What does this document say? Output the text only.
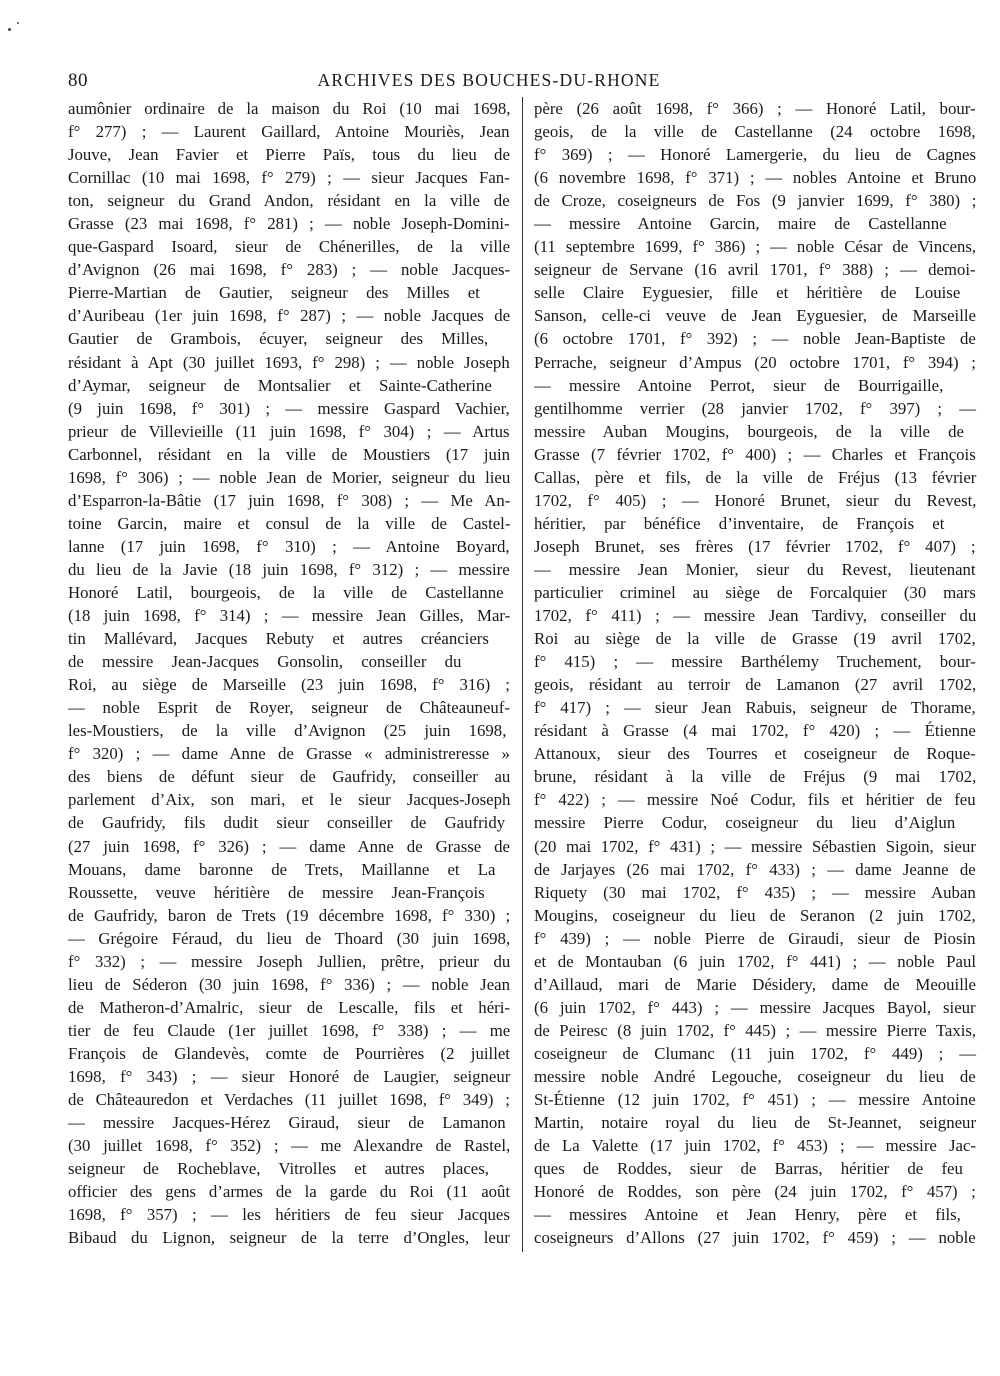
80	ARCHIVES DES BOUCHES-DU-RHONE
aumônier ordinaire de la maison du Roi (10 mai 1698,
f° 277) ; — Laurent Gaillard, Antoine Mouriès, Jean
Jouve, Jean Favier et Pierre Païs, tous du lieu de
Cornillac (10 mai 1698, f° 279) ; — sieur Jacques Fan-
ton, seigneur du Grand Andon, résidant en la ville de
Grasse (23 mai 1698, f° 281) ; — noble Joseph-Domini-
que-Gaspard Isoard, sieur de Chénerilles, de la ville
d’Avignon (26 mai 1698, f° 283) ; — noble Jacques-
Pierre-Martian de Gautier, seigneur des Milles et
d’Auribeau (1er juin 1698, f° 287) ; — noble Jacques de
Gautier de Grambois, écuyer, seigneur des Milles,
résidant à Apt (30 juillet 1693, f° 298) ; — noble Joseph
d’Aymar, seigneur de Montsalier et Sainte-Catherine
(9 juin 1698, f° 301) ; — messire Gaspard Vachier,
prieur de Villevieille (11 juin 1698, f° 304) ; — Artus
Carbonnel, résidant en la ville de Moustiers (17 juin
1698, f° 306) ; — noble Jean de Morier, seigneur du lieu
d’Esparron-la-Bâtie (17 juin 1698, f° 308) ; — Me An-
toine Garcin, maire et consul de la ville de Castel-
lanne (17 juin 1698, f° 310) ; — Antoine Boyard,
du lieu de la Javie (18 juin 1698, f° 312) ; — messire
Honoré Latil, bourgeois, de la ville de Castellanne
(18 juin 1698, f° 314) ; — messire Jean Gilles, Mar-
tin Mallévard, Jacques Rebuty et autres créanciers
de messire Jean-Jacques Gonsolin, conseiller du
Roi, au siège de Marseille (23 juin 1698, f° 316) ;
— noble Esprit de Royer, seigneur de Châteauneuf-
les-Moustiers, de la ville d’Avignon (25 juin 1698,
f° 320) ; — dame Anne de Grasse « administreresse »
des biens de défunt sieur de Gaufridy, conseiller au
parlement d’Aix, son mari, et le sieur Jacques-Joseph
de Gaufridy, fils dudit sieur conseiller de Gaufridy
(27 juin 1698, f° 326) ; — dame Anne de Grasse de
Mouans, dame baronne de Trets, Maillanne et La
Roussette, veuve héritière de messire Jean-François
de Gaufridy, baron de Trets (19 décembre 1698, f° 330) ;
— Grégoire Féraud, du lieu de Thoard (30 juin 1698,
f° 332) ; — messire Joseph Jullien, prêtre, prieur du
lieu de Séderon (30 juin 1698, f° 336) ; — noble Jean
de Matheron-d’Amalric, sieur de Lescalle, fils et héri-
tier de feu Claude (1er juillet 1698, f° 338) ; — me
François de Glandevès, comte de Pourrières (2 juillet
1698, f° 343) ; — sieur Honoré de Laugier, seigneur
de Châteauredon et Verdaches (11 juillet 1698, f° 349) ;
— messire Jacques-Hérez Giraud, sieur de Lamanon
(30 juillet 1698, f° 352) ; — me Alexandre de Rastel,
seigneur de Rocheblave, Vitrolles et autres places,
officier des gens d’armes de la garde du Roi (11 août
1698, f° 357) ; — les héritiers de feu sieur Jacques
Bibaud du Lignon, seigneur de la terre d’Ongles, leur
père (26 août 1698, f° 366) ; — Honoré Latil, bour-
geois, de la ville de Castellanne (24 octobre 1698,
f° 369) ; — Honoré Lamergerie, du lieu de Cagnes
(6 novembre 1698, f° 371) ; — nobles Antoine et Bruno
de Croze, coseigneurs de Fos (9 janvier 1699, f° 380) ;
— messire Antoine Garcin, maire de Castellanne
(11 septembre 1699, f° 386) ; — noble César de Vincens,
seigneur de Servane (16 avril 1701, f° 388) ; — demoi-
selle Claire Eyguesier, fille et héritière de Louise
Sanson, celle-ci veuve de Jean Eyguesier, de Marseille
(6 octobre 1701, f° 392) ; — noble Jean-Baptiste de
Perrache, seigneur d’Ampus (20 octobre 1701, f° 394) ;
— messire Antoine Perrot, sieur de Bourrigaille,
gentilhomme verrier (28 janvier 1702, f° 397) ; —
messire Auban Mougins, bourgeois, de la ville de
Grasse (7 février 1702, f° 400) ; — Charles et François
Callas, père et fils, de la ville de Fréjus (13 février
1702, f° 405) ; — Honoré Brunet, sieur du Revest,
héritier, par bénéfice d’inventaire, de François et
Joseph Brunet, ses frères (17 février 1702, f° 407) ;
— messire Jean Monier, sieur du Revest, lieutenant
particulier criminel au siège de Forcalquier (30 mars
1702, f° 411) ; — messire Jean Tardivy, conseiller du
Roi au siège de la ville de Grasse (19 avril 1702,
f° 415) ; — messire Barthélemy Truchement, bour-
geois, résidant au terroir de Lamanon (27 avril 1702,
f° 417) ; — sieur Jean Rabuis, seigneur de Thorame,
résidant à Grasse (4 mai 1702, f° 420) ; — Étienne
Attanoux, sieur des Tourres et coseigneur de Roque-
brune, résidant à la ville de Fréjus (9 mai 1702,
f° 422) ; — messire Noé Codur, fils et héritier de feu
messire Pierre Codur, coseigneur du lieu d’Aiglun
(20 mai 1702, f° 431) ; — messire Sébastien Sigoin, sieur
de Jarjayes (26 mai 1702, f° 433) ; — dame Jeanne de
Riquety (30 mai 1702, f° 435) ; — messire Auban
Mougins, coseigneur du lieu de Seranon (2 juin 1702,
f° 439) ; — noble Pierre de Giraudi, sieur de Piosin
et de Montauban (6 juin 1702, f° 441) ; — noble Paul
d’Aillaud, mari de Marie Désidery, dame de Meouille
(6 juin 1702, f° 443) ; — messire Jacques Bayol, sieur
de Peiresc (8 juin 1702, f° 445) ; — messire Pierre Taxis,
coseigneur de Clumanc (11 juin 1702, f° 449) ; —
messire noble André Legouche, coseigneur du lieu de
St-Étienne (12 juin 1702, f° 451) ; — messire Antoine
Martin, notaire royal du lieu de St-Jeannet, seigneur
de La Valette (17 juin 1702, f° 453) ; — messire Jac-
ques de Roddes, sieur de Barras, héritier de feu
Honoré de Roddes, son père (24 juin 1702, f° 457) ;
— messires Antoine et Jean Henry, père et fils,
coseigneurs d’Allons (27 juin 1702, f° 459) ; — noble
